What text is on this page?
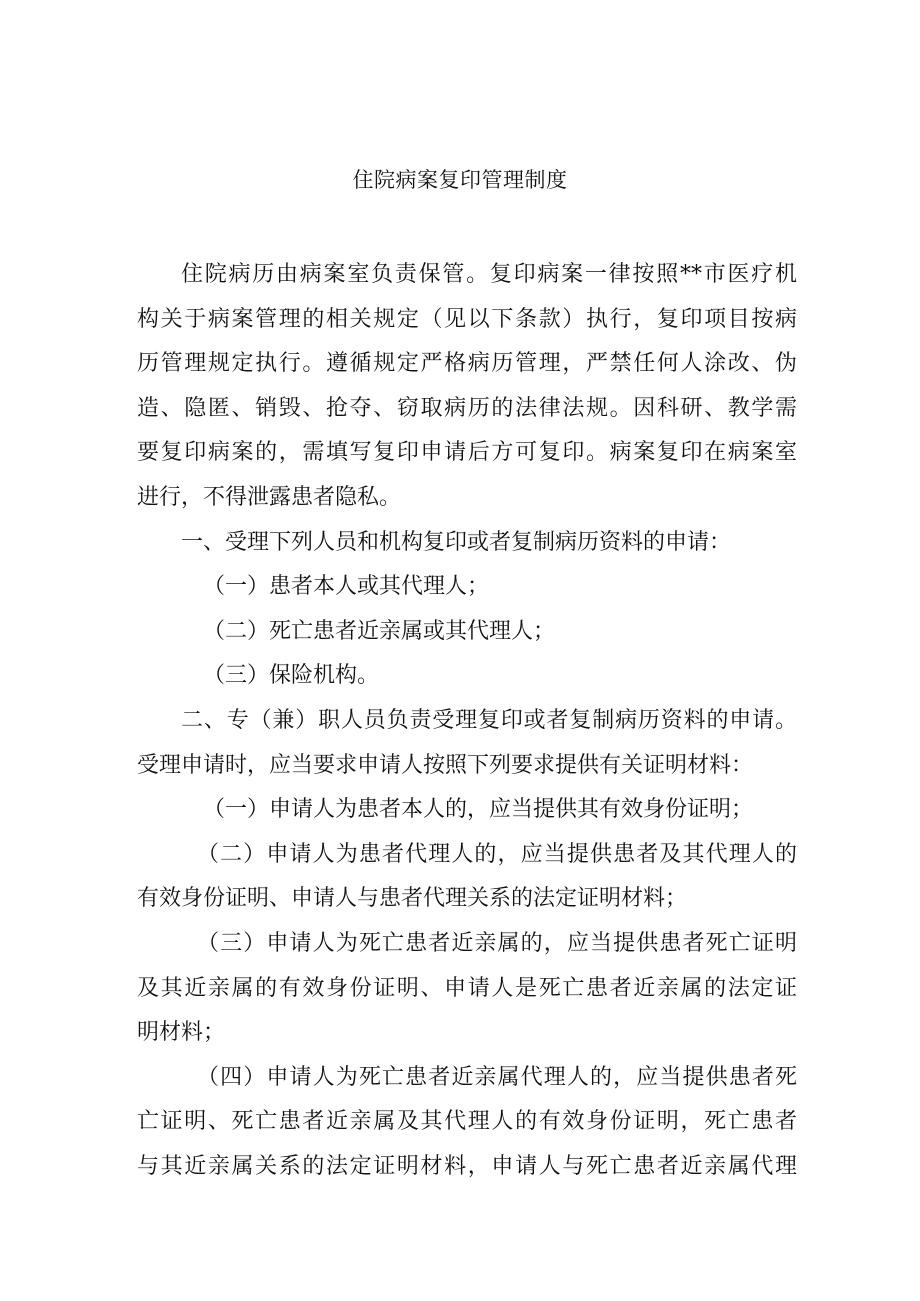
住院病案复印管理制度

住院病历由病案室负责保管。复印病案一律按照**市医疗机
构关于病案管理的相关规定（见以下条款）执行，复印项目按病
历管理规定执行。遵循规定严格病历管理，严禁任何人涂改、伪
造、隐匿、销毁、抢夺、窃取病历的法律法规。因科研、教学需
要复印病案的，需填写复印申请后方可复印。病案复印在病案室
进行，不得泄露患者隐私。

一、受理下列人员和机构复印或者复制病历资料的申请：

（一）患者本人或其代理人；

（二）死亡患者近亲属或其代理人；

（三）保险机构。

二、专（兼）职人员负责受理复印或者复制病历资料的申请。
受理申请时，应当要求申请人按照下列要求提供有关证明材料：

（一）申请人为患者本人的，应当提供其有效身份证明；

（二）申请人为患者代理人的，应当提供患者及其代理人的
有效身份证明、申请人与患者代理关系的法定证明材料；

（三）申请人为死亡患者近亲属的，应当提供患者死亡证明
及其近亲属的有效身份证明、申请人是死亡患者近亲属的法定证
明材料；

（四）申请人为死亡患者近亲属代理人的，应当提供患者死
亡证明、死亡患者近亲属及其代理人的有效身份证明，死亡患者
与其近亲属关系的法定证明材料，申请人与死亡患者近亲属代理
